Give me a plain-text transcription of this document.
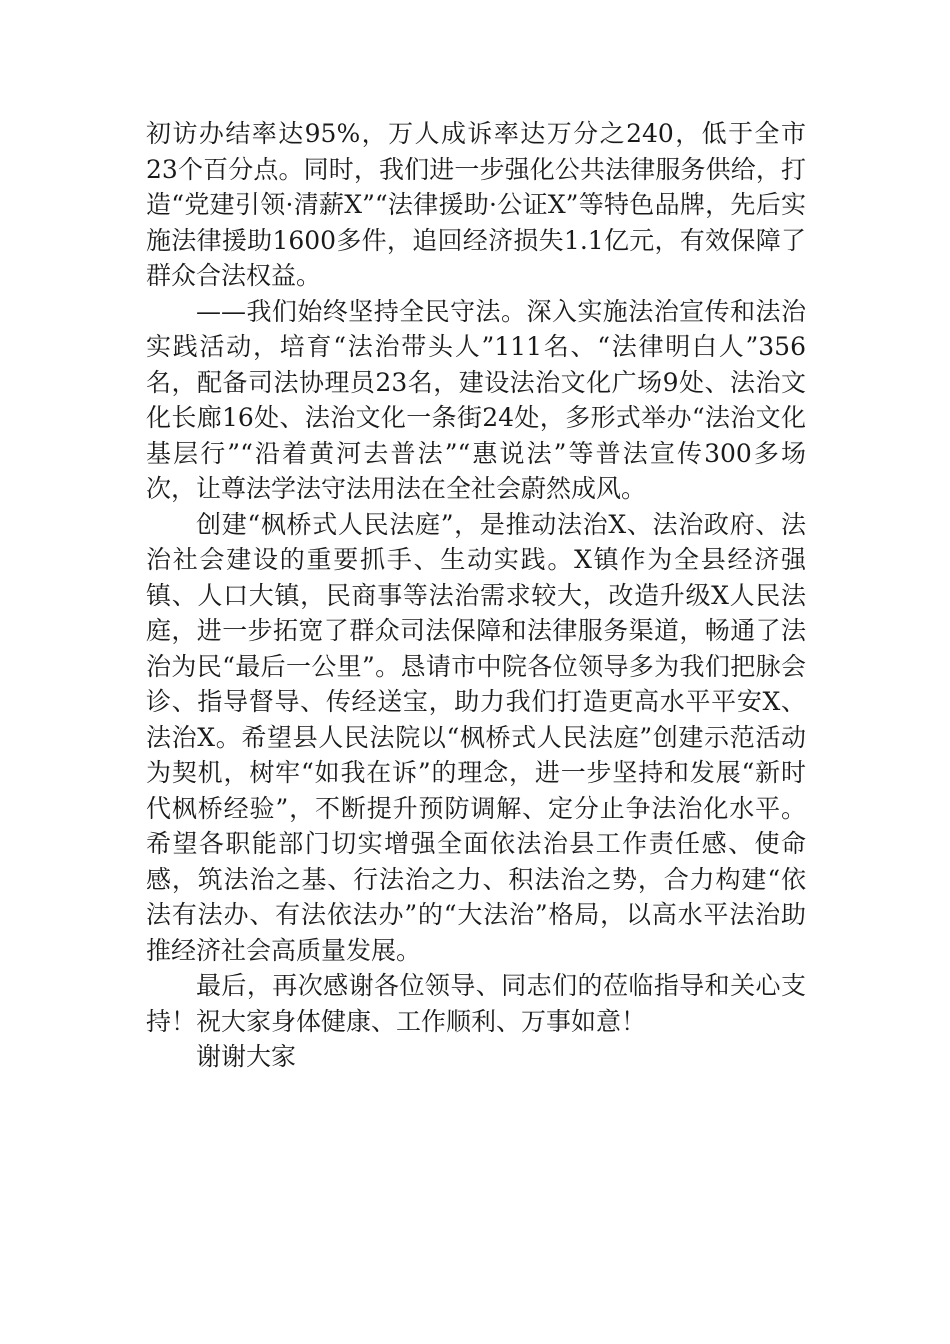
初访办结率达95%，万人成诉率达万分之240，低于全市23个百分点。同时，我们进一步强化公共法律服务供给，打造“党建引领·清薪X”“法律援助·公证X”等特色品牌，先后实施法律援助1600多件，追回经济损失1.1亿元，有效保障了群众合法权益。

——我们始终坚持全民守法。深入实施法治宣传和法治实践活动，培育“法治带头人”111名、“法律明白人”356名，配备司法协理员23名，建设法治文化广场9处、法治文化长廊16处、法治文化一条街24处，多形式举办“法治文化基层行”“沿着黄河去普法”“惠说法”等普法宣传300多场次，让尊法学法守法用法在全社会蔚然成风。

创建“枫桥式人民法庭”，是推动法治X、法治政府、法治社会建设的重要抓手、生动实践。X镇作为全县经济强镇、人口大镇，民商事等法治需求较大，改造升级X人民法庭，进一步拓宽了群众司法保障和法律服务渠道，畅通了法治为民“最后一公里”。恳请市中院各位领导多为我们把脉会诊、指导督导、传经送宝，助力我们打造更高水平平安X、法治X。希望县人民法院以“枫桥式人民法庭”创建示范活动为契机，树牢“如我在诉”的理念，进一步坚持和发展“新时代枫桥经验”，不断提升预防调解、定分止争法治化水平。希望各职能部门切实增强全面依法治县工作责任感、使命感，筑法治之基、行法治之力、积法治之势，合力构建“依法有法办、有法依法办”的“大法治”格局，以高水平法治助推经济社会高质量发展。

最后，再次感谢各位领导、同志们的莅临指导和关心支持！祝大家身体健康、工作顺利、万事如意！

谢谢大家
